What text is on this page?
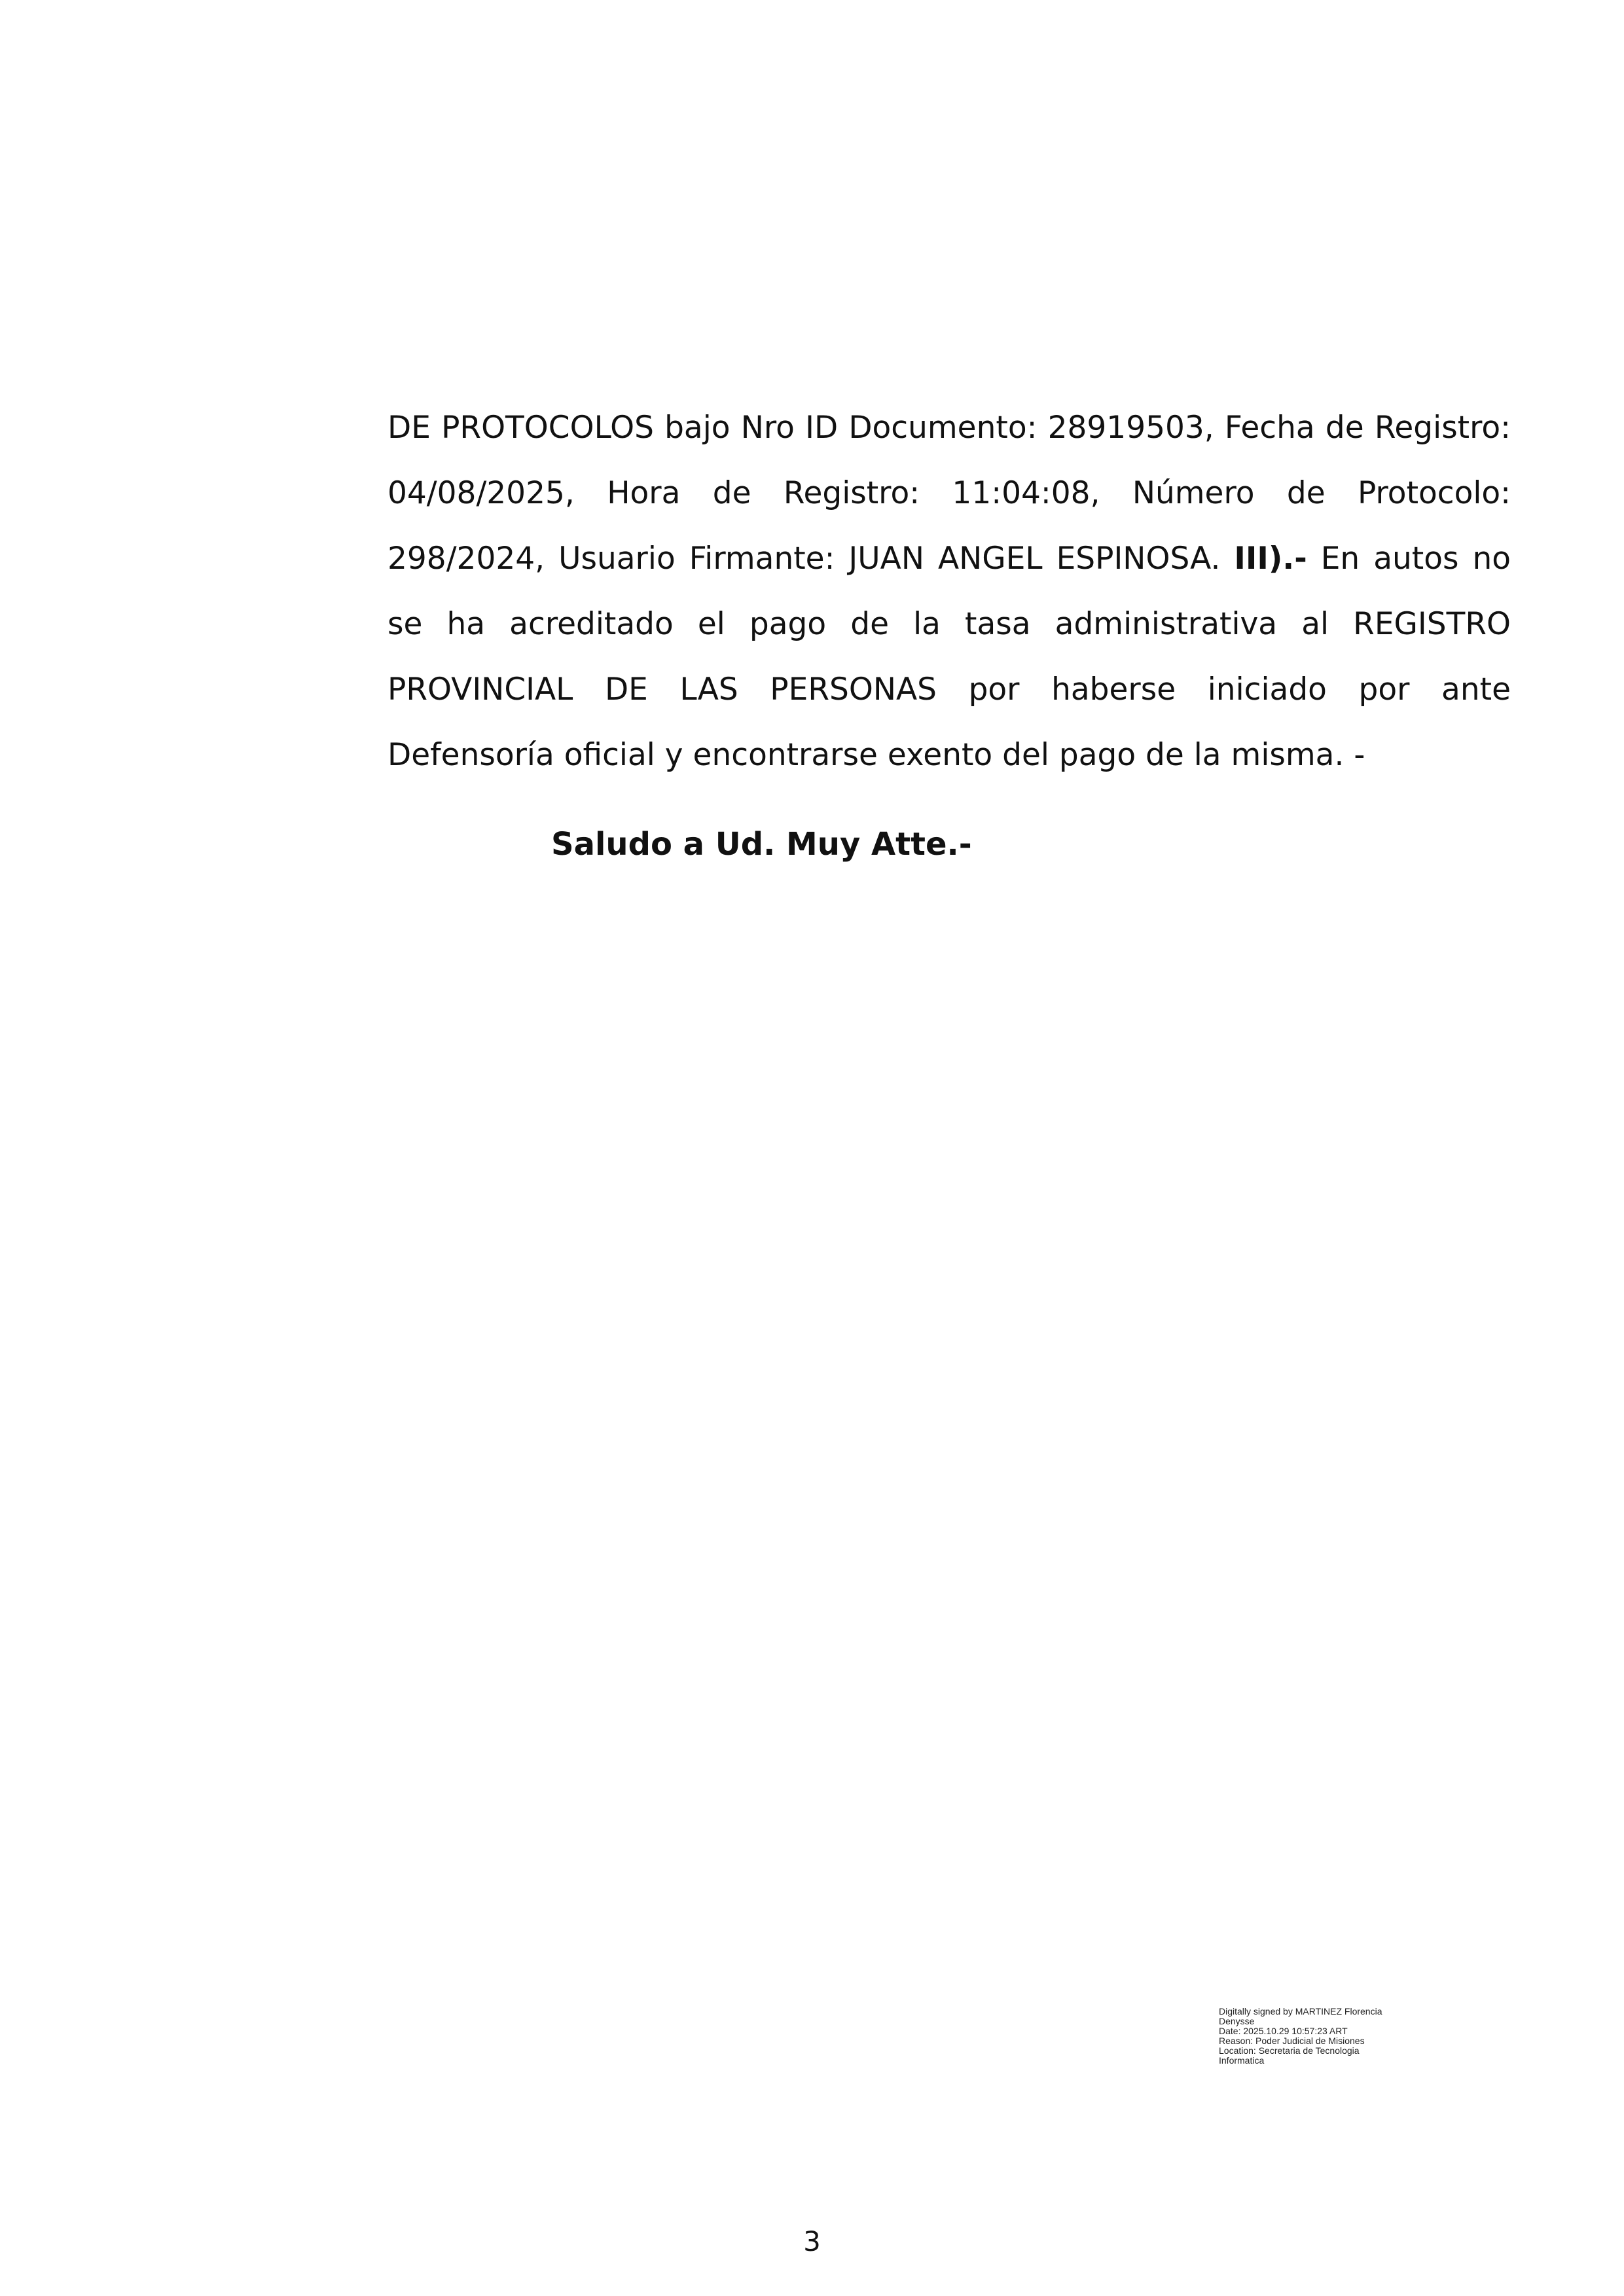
DE PROTOCOLOS bajo Nro ID Documento: 28919503, Fecha de Registro: 04/08/2025, Hora de Registro: 11:04:08, Número de Protocolo: 298/2024, Usuario Firmante: JUAN ANGEL ESPINOSA. III).- En autos no se ha acreditado el pago de la tasa administrativa al REGISTRO PROVINCIAL DE LAS PERSONAS por haberse iniciado por ante Defensoría oficial y encontrarse exento del pago de la misma. -

Saludo a Ud. Muy Atte.-

Digitally signed by MARTINEZ Florencia
Denysse
Date: 2025.10.29 10:57:23 ART
Reason: Poder Judicial de Misiones
Location: Secretaria de Tecnologia
Informatica

3
